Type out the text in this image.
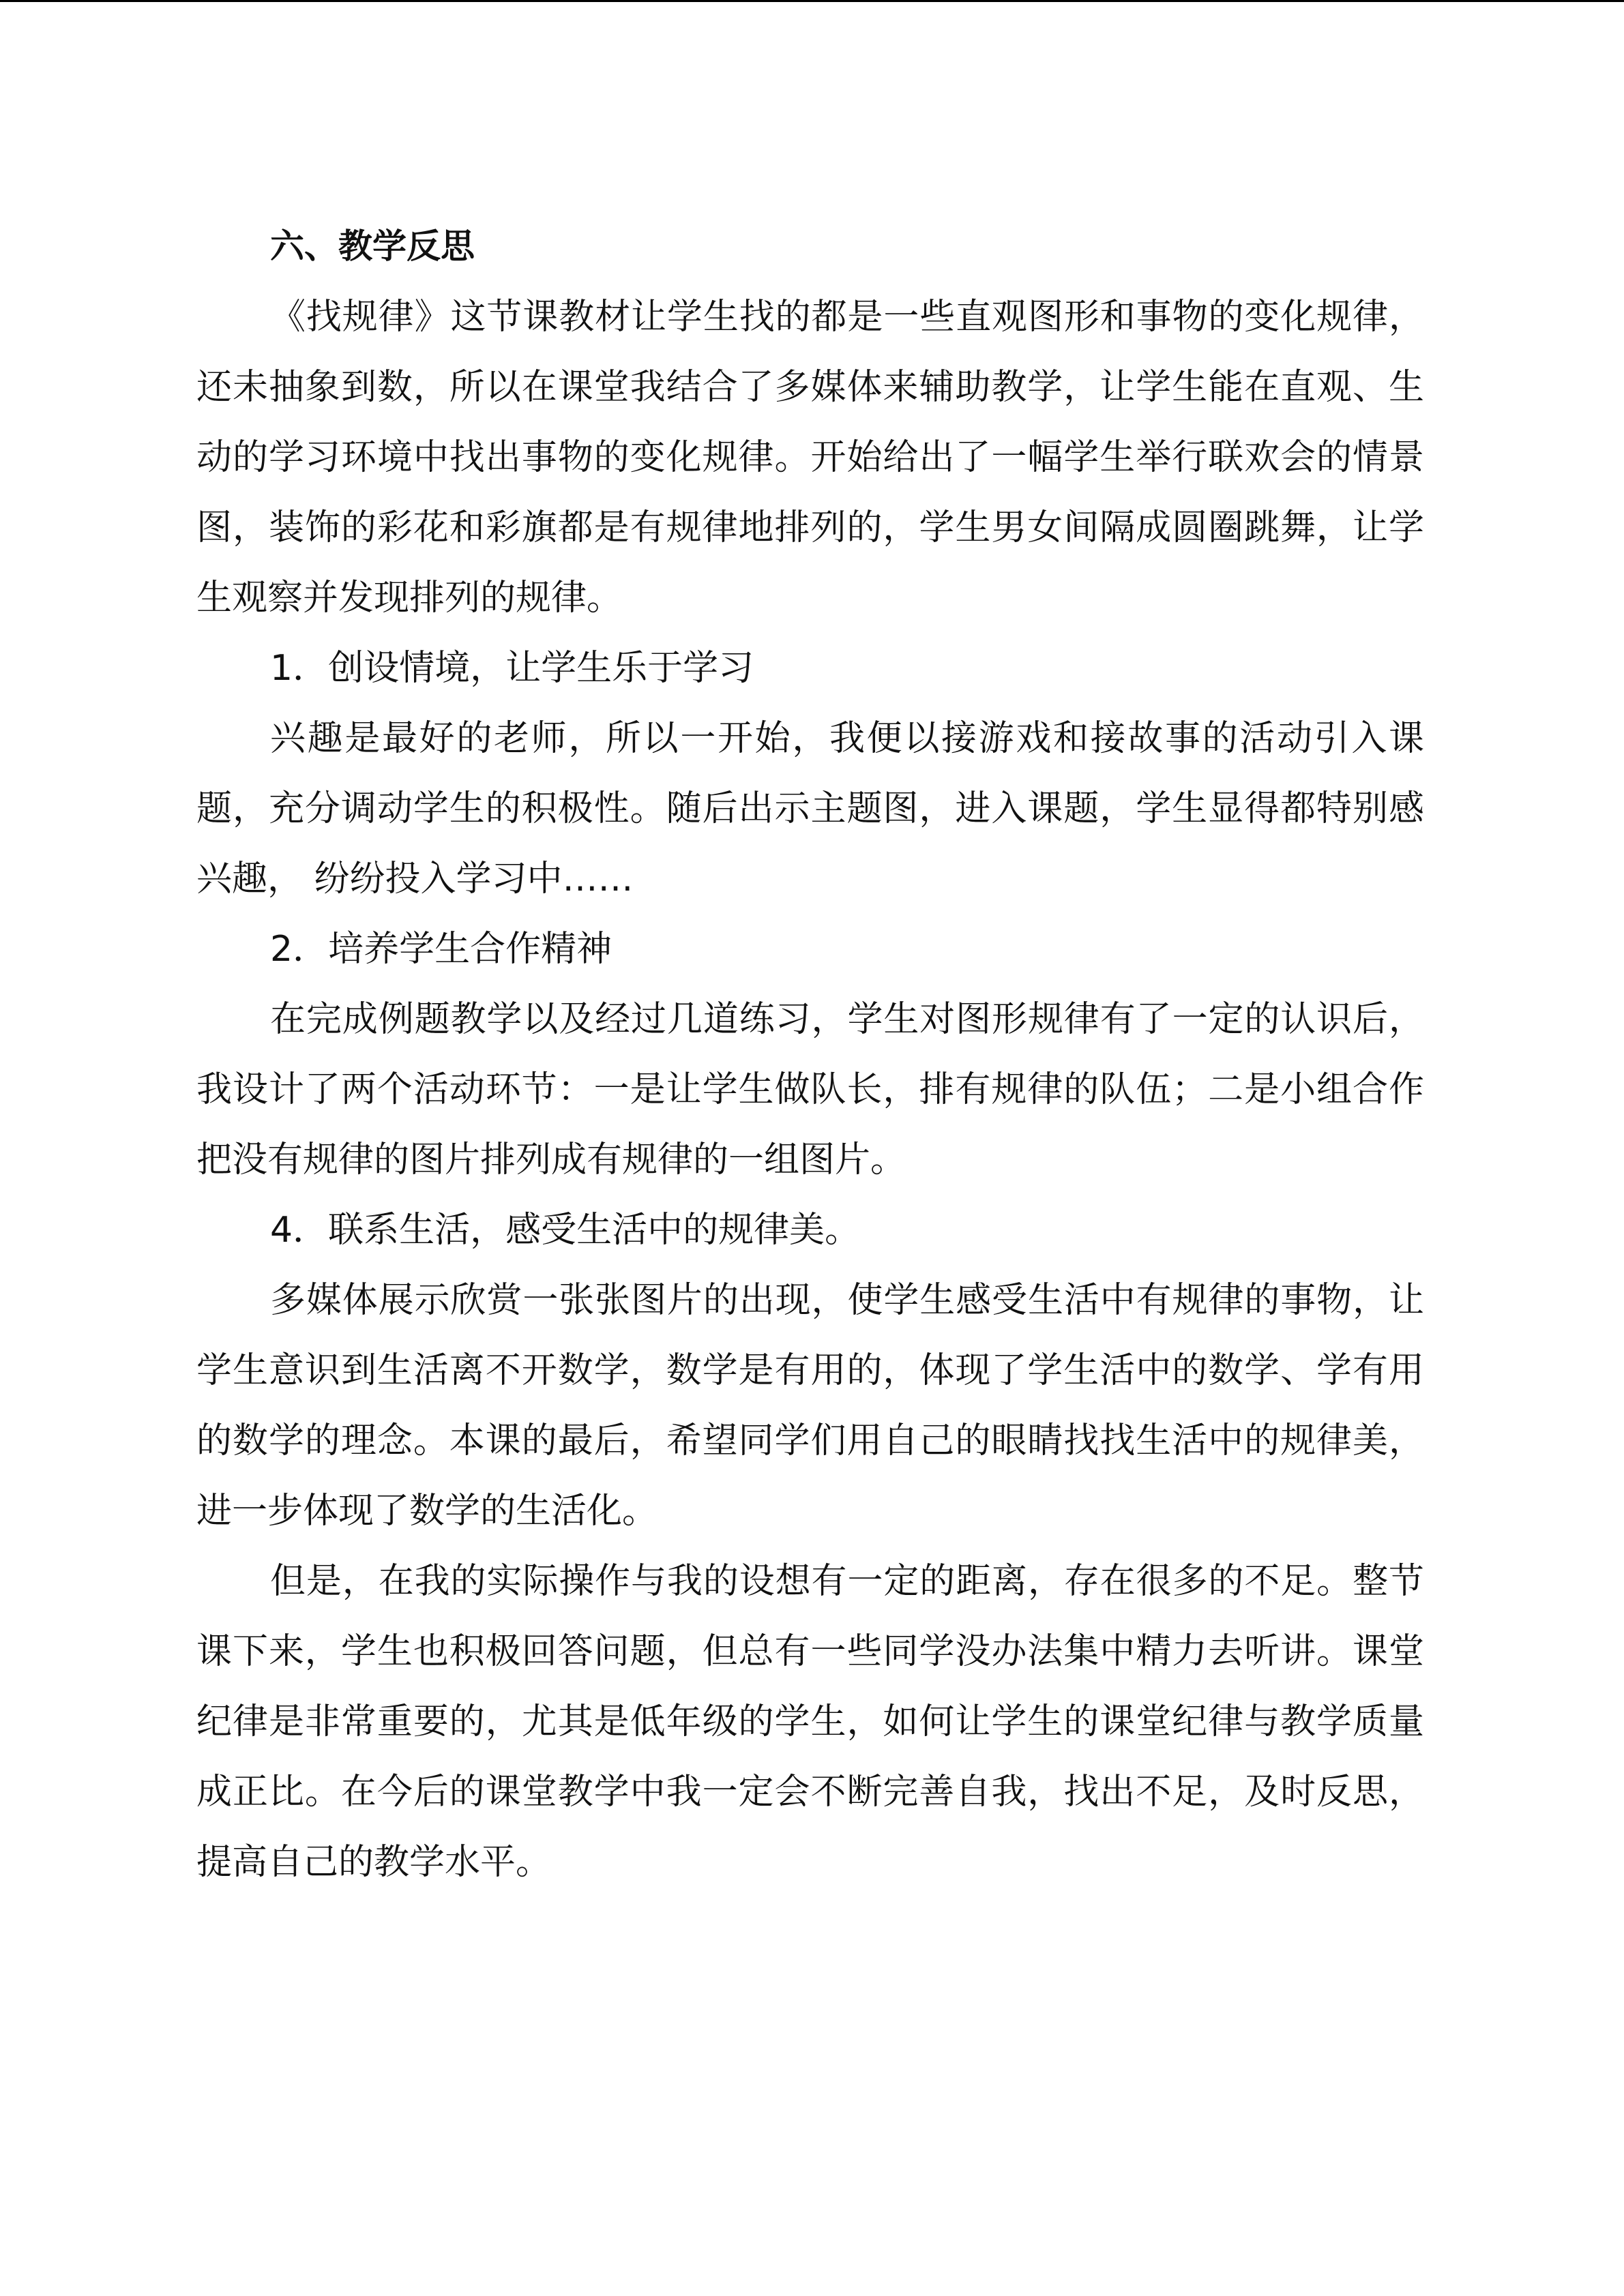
六、教学反思

《找规律》这节课教材让学生找的都是一些直观图形和事物的变化规律，还未抽象到数，所以在课堂我结合了多媒体来辅助教学，让学生能在直观、生动的学习环境中找出事物的变化规律。开始给出了一幅学生举行联欢会的情景图，装饰的彩花和彩旗都是有规律地排列的，学生男女间隔成圆圈跳舞，让学生观察并发现排列的规律。

1．创设情境，让学生乐于学习

兴趣是最好的老师，所以一开始，我便以接游戏和接故事的活动引入课题，充分调动学生的积极性。随后出示主题图，进入课题，学生显得都特别感兴趣， 纷纷投入学习中……

2．培养学生合作精神

在完成例题教学以及经过几道练习，学生对图形规律有了一定的认识后，我设计了两个活动环节：一是让学生做队长，排有规律的队伍；二是小组合作把没有规律的图片排列成有规律的一组图片。

4．联系生活，感受生活中的规律美。

多媒体展示欣赏一张张图片的出现，使学生感受生活中有规律的事物，让学生意识到生活离不开数学，数学是有用的，体现了学生活中的数学、学有用的数学的理念。本课的最后，希望同学们用自己的眼睛找找生活中的规律美，进一步体现了数学的生活化。

但是，在我的实际操作与我的设想有一定的距离，存在很多的不足。整节课下来，学生也积极回答问题，但总有一些同学没办法集中精力去听讲。课堂纪律是非常重要的，尤其是低年级的学生，如何让学生的课堂纪律与教学质量成正比。在今后的课堂教学中我一定会不断完善自我，找出不足，及时反思，提高自己的教学水平。
